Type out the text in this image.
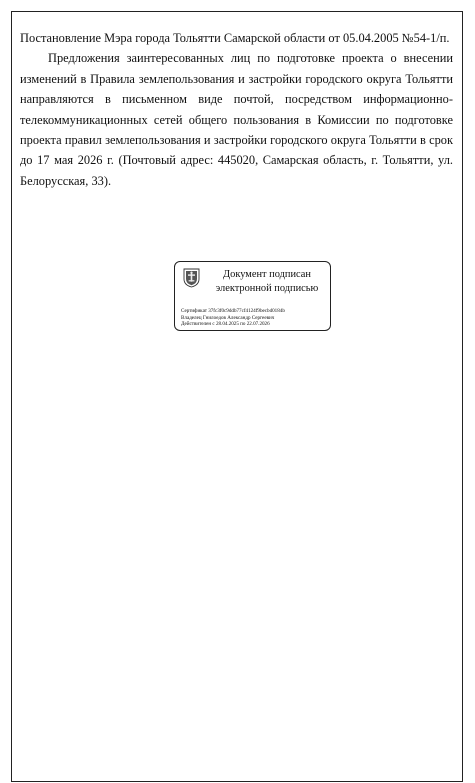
Постановление Мэра города Тольятти Самарской области от 05.04.2005 №54-1/п.

Предложения заинтересованных лиц по подготовке проекта о внесении изменений в Правила землепользования и застройки городского округа Тольятти направляются в письменном виде почтой, посредством информационно-телекоммуникационных сетей общего пользования в Комиссии по подготовке проекта правил землепользования и застройки городского округа Тольятти в срок до 17 мая 2026 г. (Почтовый адрес: 445020, Самарская область, г. Тольятти, ул. Белорусская, 33).

Документ подписан
электронной подписью
Сертификат 37fc3f0c9ddb77cf4124f9becbd0184b
Владелец Гнилоедов Александр Сергеевич
Действителен с 28.04.2025 по 22.07.2026
